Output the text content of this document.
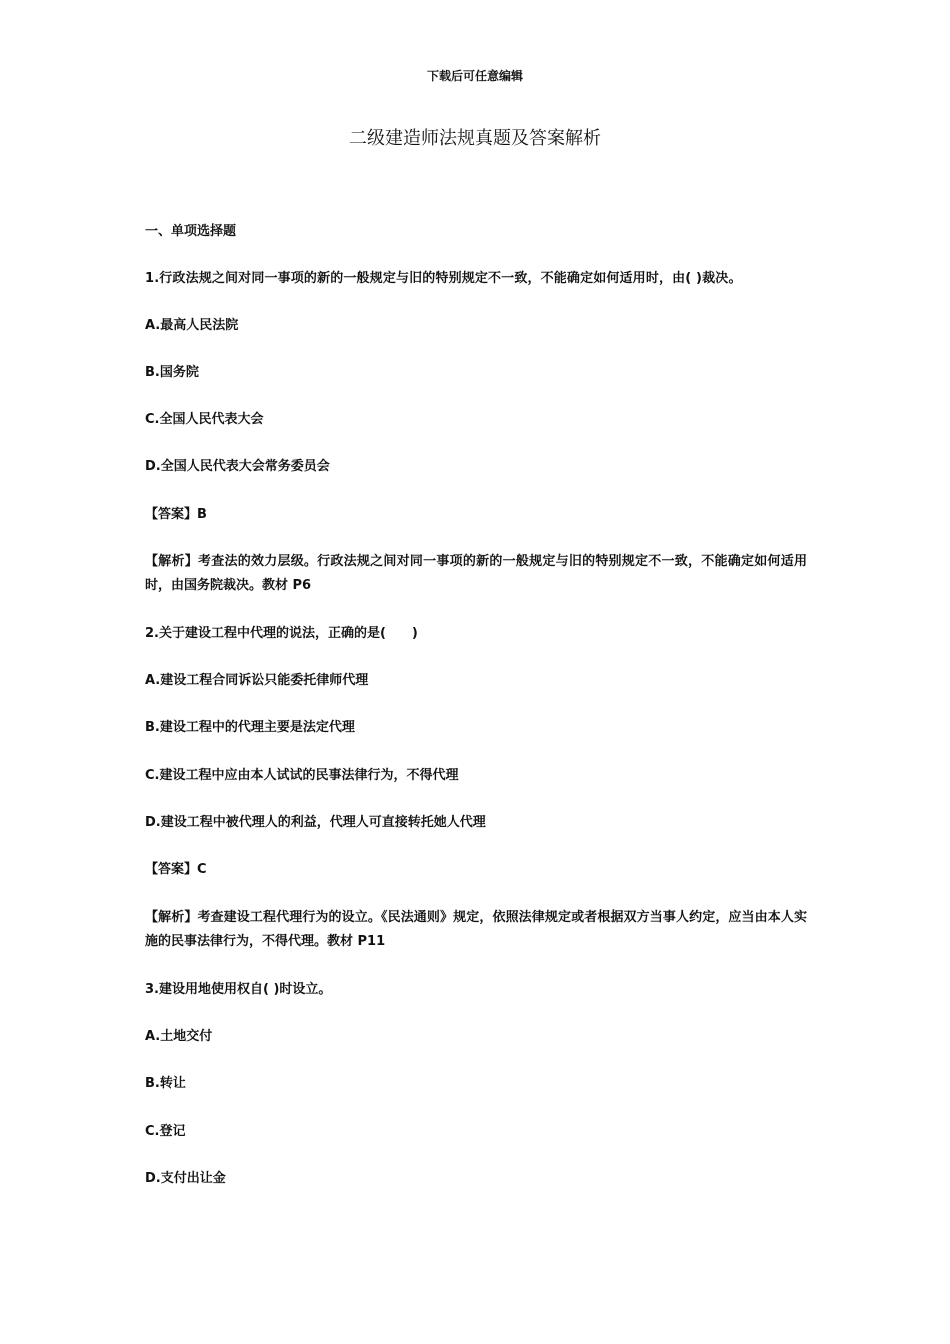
下载后可任意编辑
二级建造师法规真题及答案解析
一、单项选择题
1.行政法规之间对同一事项的新的一般规定与旧的特别规定不一致，不能确定如何适用时，由( )裁决。
A.最高人民法院
B.国务院
C.全国人民代表大会
D.全国人民代表大会常务委员会
【答案】B
【解析】考查法的效力层级。行政法规之间对同一事项的新的一般规定与旧的特别规定不一致，不能确定如何适用时，由国务院裁决。教材 P6
2.关于建设工程中代理的说法，正确的是(　　)
A.建设工程合同诉讼只能委托律师代理
B.建设工程中的代理主要是法定代理
C.建设工程中应由本人试试的民事法律行为，不得代理
D.建设工程中被代理人的利益，代理人可直接转托她人代理
【答案】C
【解析】考查建设工程代理行为的设立。《民法通则》规定，依照法律规定或者根据双方当事人约定，应当由本人实施的民事法律行为，不得代理。教材 P11
3.建设用地使用权自( )时设立。
A.土地交付
B.转让
C.登记
D.支付出让金
